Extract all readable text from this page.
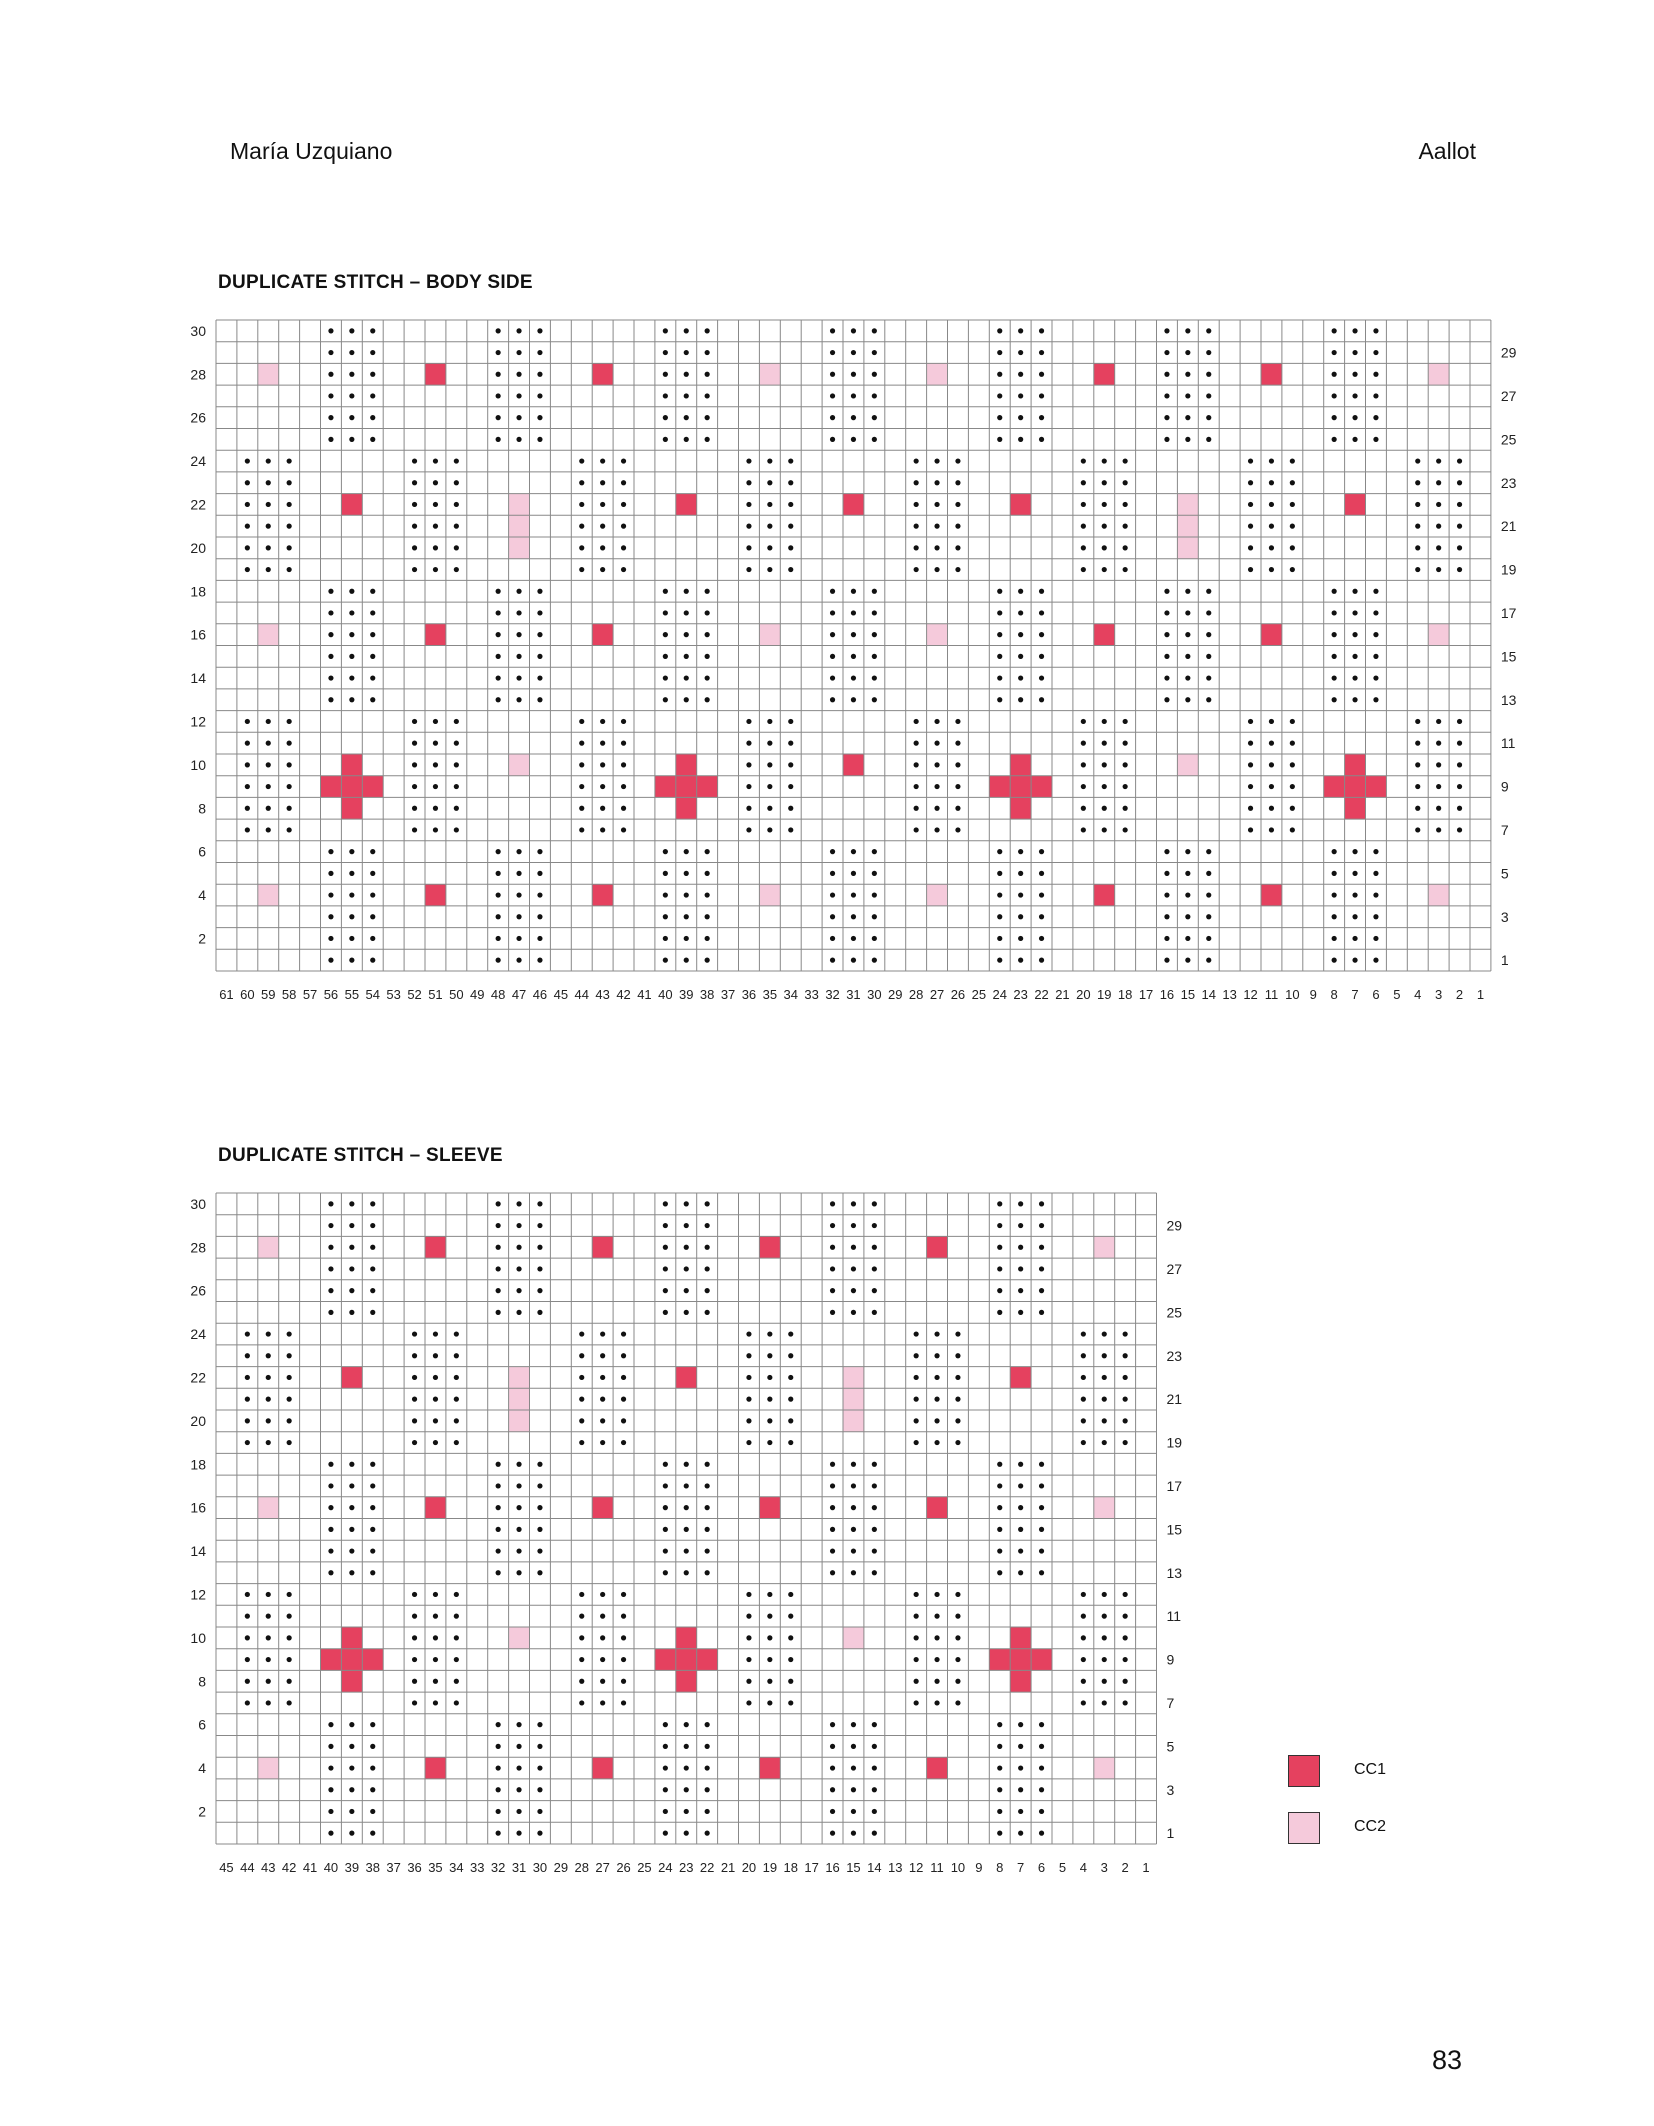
María Uzquiano	Aallot
DUPLICATE STITCH – BODY SIDE
30
28
26
24
22
20
18
16
14
12
10
8
6
4
2
29
27
25
23
21
19
17
15
13
11
9
7
5
3
1
61 60 59 58 57 56 55 54 53 52 51 50 49 48 47 46 45 44 43 42 41 40 39 38 37 36 35 34 33 32 31 30 29 28 27 26 25 24 23 22 21 20 19 18 17 16 15 14 13 12 11 10 9 8 7 6 5 4 3 2 1
DUPLICATE STITCH – SLEEVE
30
28
26
24
22
20
18
16
14
12
10
8
6
4
2
29
27
25
23
21
19
17
15
13
11
9
7
5
3
1
45 44 43 42 41 40 39 38 37 36 35 34 33 32 31 30 29 28 27 26 25 24 23 22 21 20 19 18 17 16 15 14 13 12 11 10 9 8 7 6 5 4 3 2 1
CC1
CC2
83
